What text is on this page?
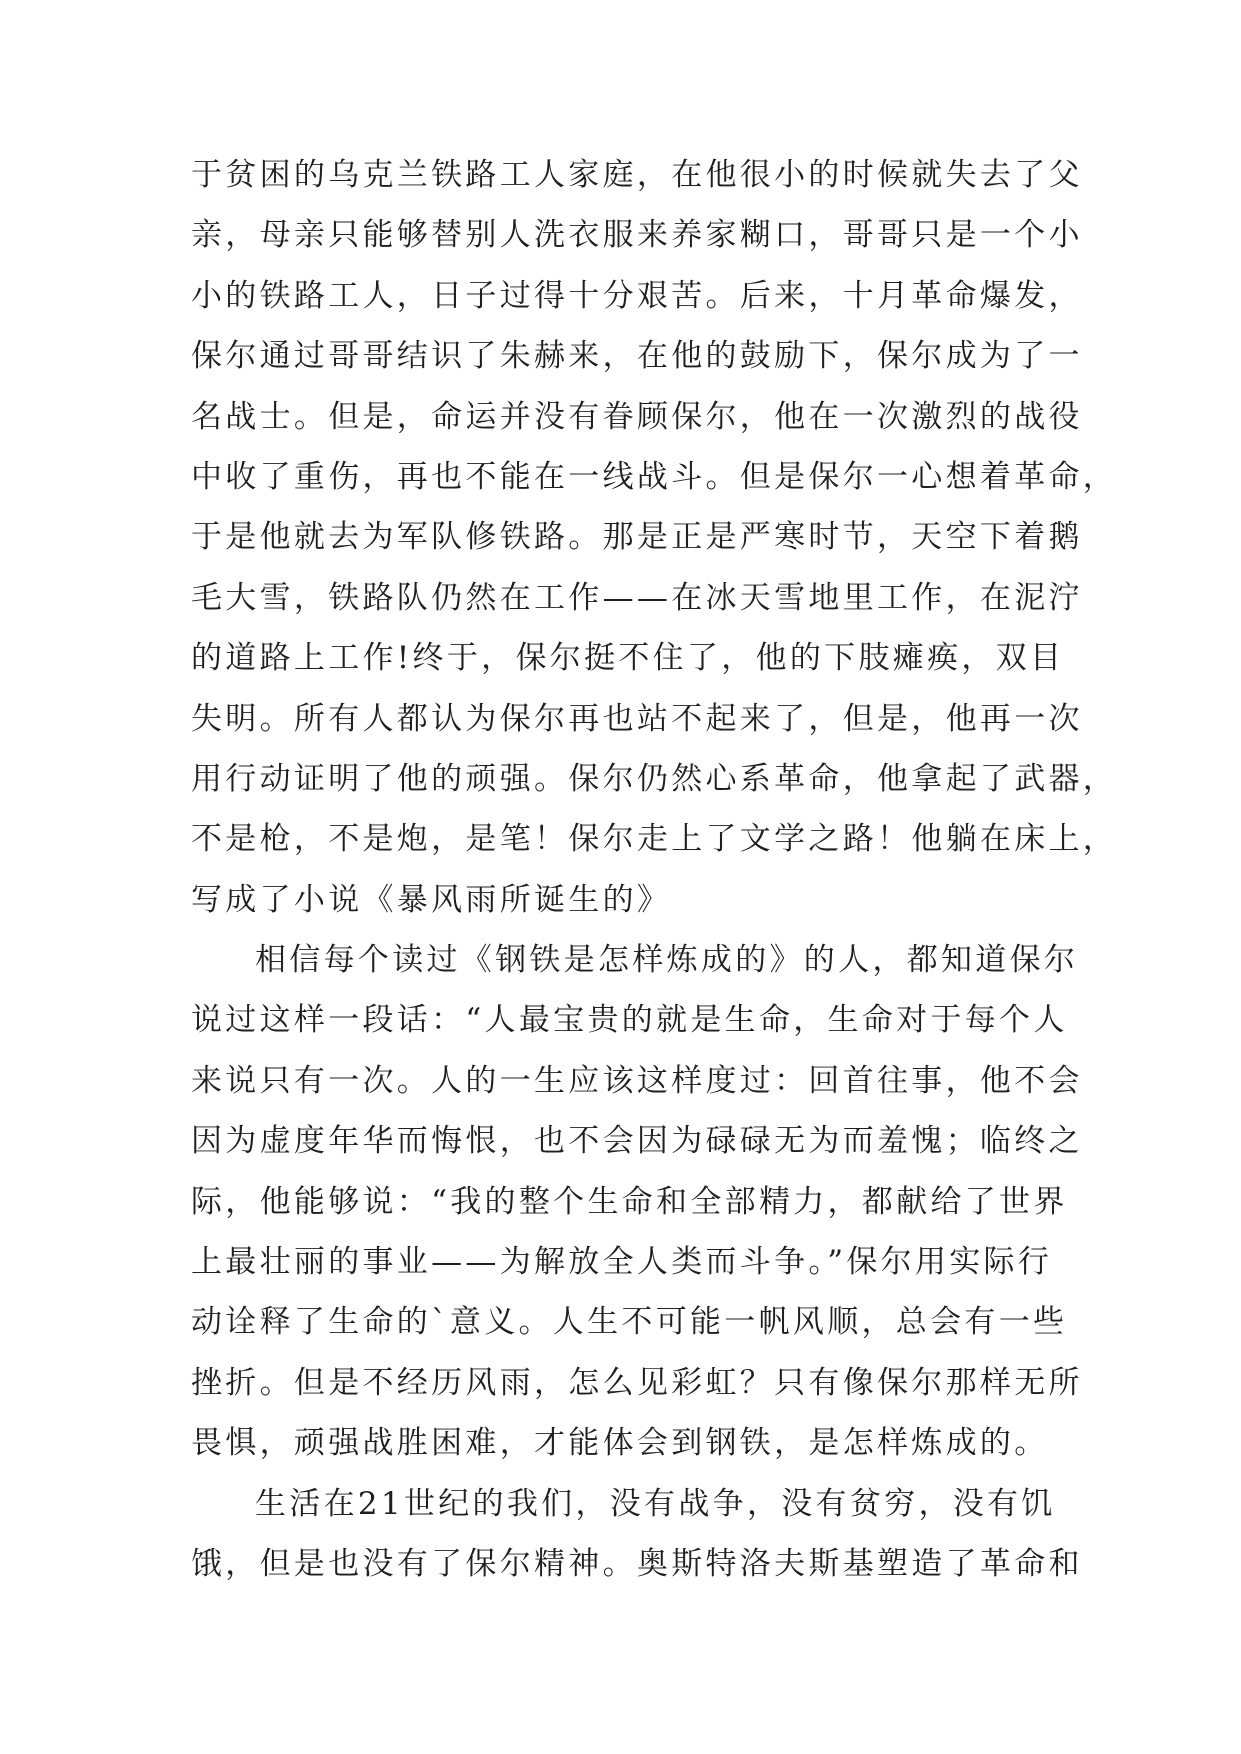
于贫困的乌克兰铁路工人家庭，在他很小的时候就失去了父
亲，母亲只能够替别人洗衣服来养家糊口，哥哥只是一个小
小的铁路工人，日子过得十分艰苦。后来，十月革命爆发，
保尔通过哥哥结识了朱赫来，在他的鼓励下，保尔成为了一
名战士。但是，命运并没有眷顾保尔，他在一次激烈的战役
中收了重伤，再也不能在一线战斗。但是保尔一心想着革命，
于是他就去为军队修铁路。那是正是严寒时节，天空下着鹅
毛大雪，铁路队仍然在工作——在冰天雪地里工作，在泥泞
的道路上工作!终于，保尔挺不住了，他的下肢瘫痪，双目
失明。所有人都认为保尔再也站不起来了，但是，他再一次
用行动证明了他的顽强。保尔仍然心系革命，他拿起了武器，
不是枪，不是炮，是笔！保尔走上了文学之路！他躺在床上，
写成了小说《暴风雨所诞生的》
相信每个读过《钢铁是怎样炼成的》的人，都知道保尔
说过这样一段话：“人最宝贵的就是生命，生命对于每个人
来说只有一次。人的一生应该这样度过：回首往事，他不会
因为虚度年华而悔恨，也不会因为碌碌无为而羞愧；临终之
际，他能够说：“我的整个生命和全部精力，都献给了世界
上最壮丽的事业——为解放全人类而斗争。”保尔用实际行
动诠释了生命的`意义。人生不可能一帆风顺，总会有一些
挫折。但是不经历风雨，怎么见彩虹？只有像保尔那样无所
畏惧，顽强战胜困难，才能体会到钢铁，是怎样炼成的。
生活在21世纪的我们，没有战争，没有贫穷，没有饥
饿，但是也没有了保尔精神。奥斯特洛夫斯基塑造了革命和
